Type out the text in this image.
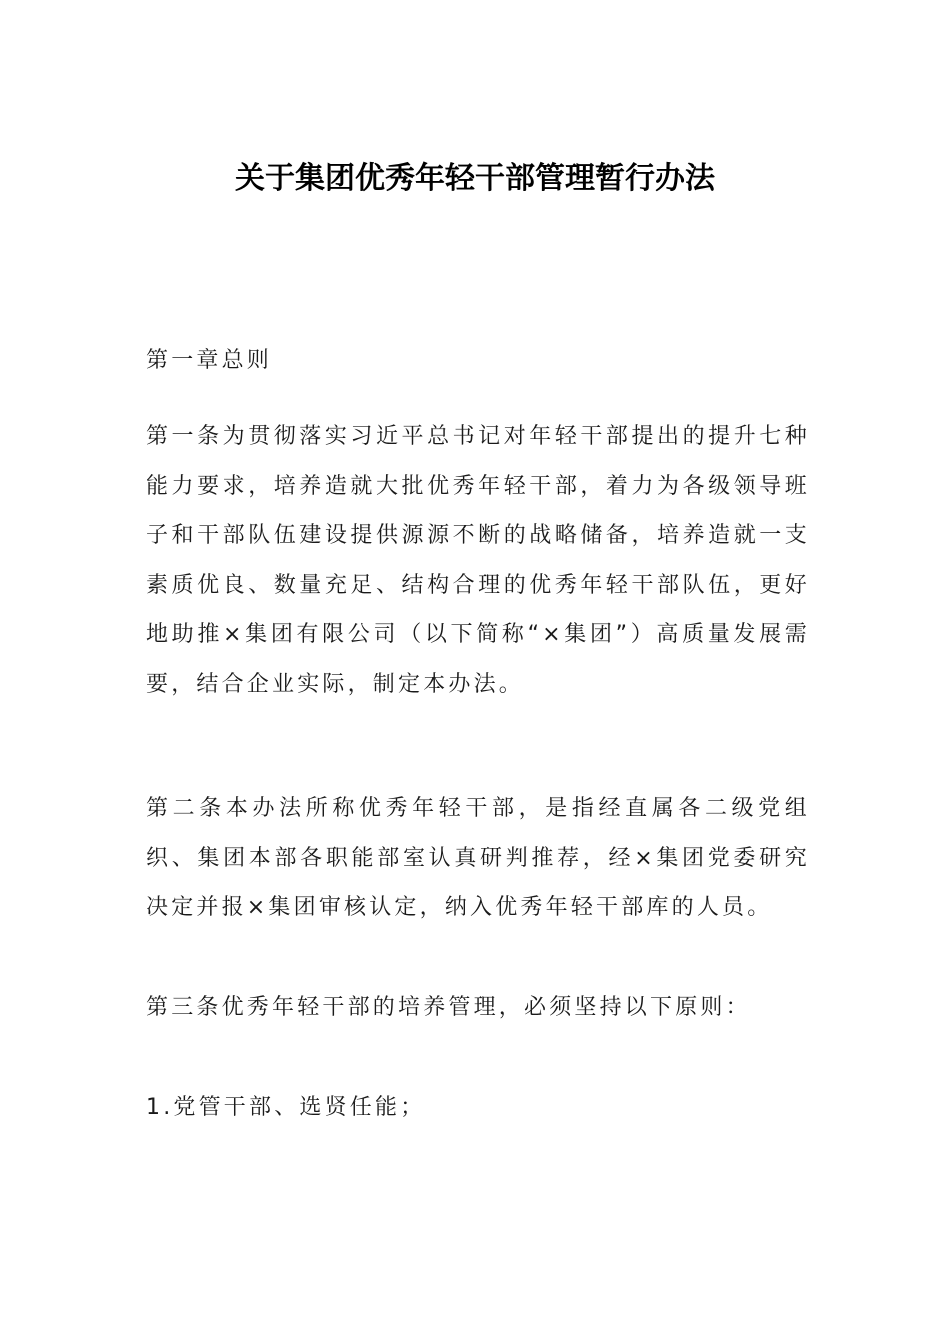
关于集团优秀年轻干部管理暂行办法

第一章总则

第一条为贯彻落实习近平总书记对年轻干部提出的提升七种能力要求，培养造就大批优秀年轻干部，着力为各级领导班子和干部队伍建设提供源源不断的战略储备，培养造就一支素质优良、数量充足、结构合理的优秀年轻干部队伍，更好地助推×集团有限公司（以下简称“×集团”）高质量发展需要，结合企业实际，制定本办法。

第二条本办法所称优秀年轻干部，是指经直属各二级党组织、集团本部各职能部室认真研判推荐，经×集团党委研究决定并报×集团审核认定，纳入优秀年轻干部库的人员。

第三条优秀年轻干部的培养管理，必须坚持以下原则：

1.党管干部、选贤任能；
